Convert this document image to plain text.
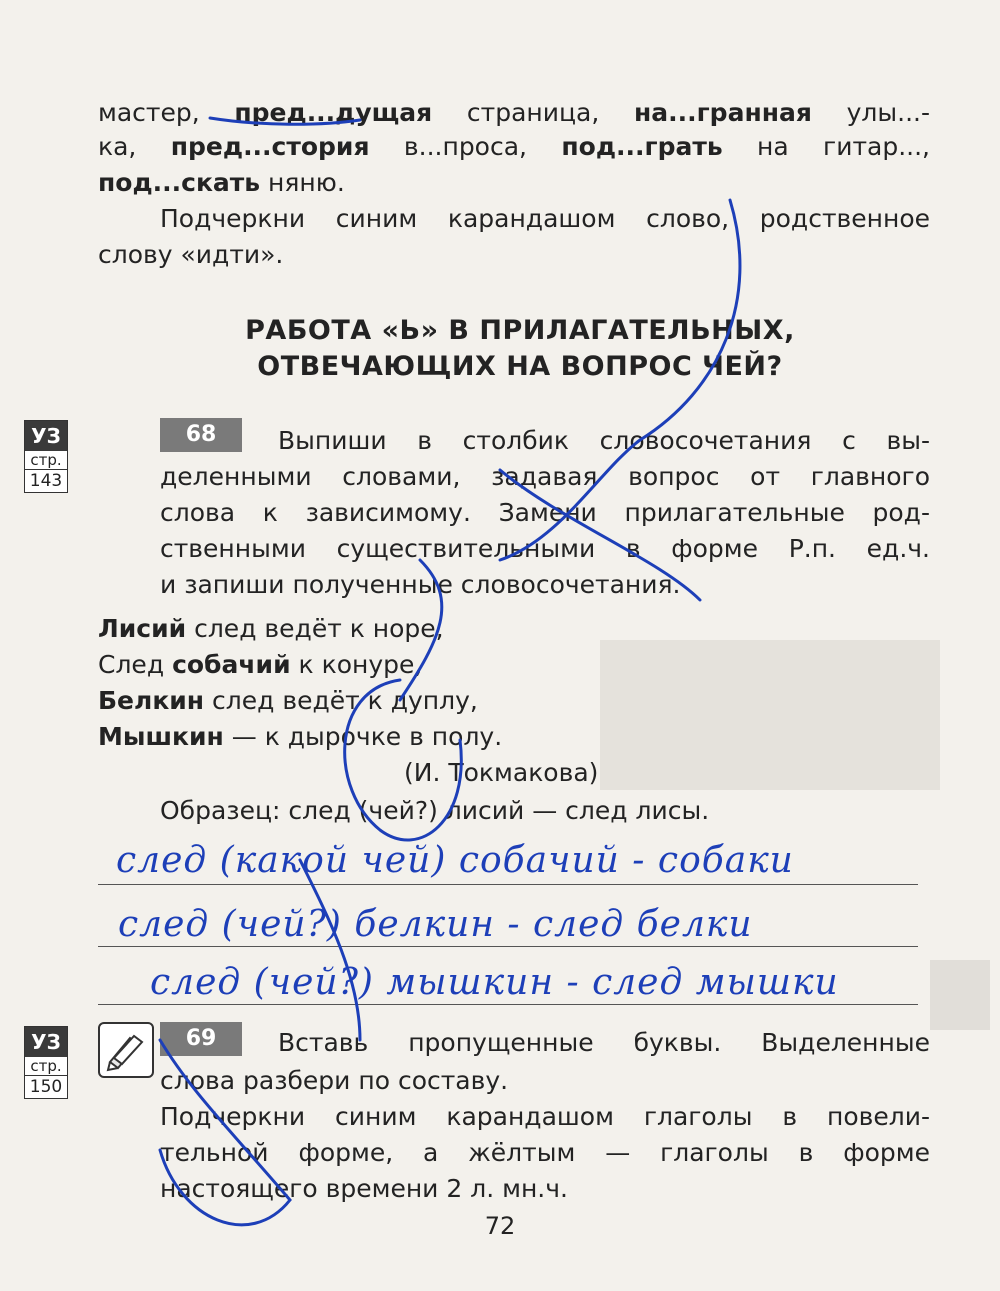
мастер, пред...дущая страница, на...гранная улы...-
ка, пред...стория в...проса, под...грать на гитар...,
под...скать няню.
Подчеркни синим карандашом слово, родственное
слову «идти».
РАБОТА «Ь» В ПРИЛАГАТЕЛЬНЫХ,
ОТВЕЧАЮЩИХ НА ВОПРОС ЧЕЙ?
УЗ
стр.
143
68	Выпиши в столбик словосочетания с вы-
деленными словами, задавая вопрос от главного
слова к зависимому. Замени прилагательные род-
ственными существительными в форме Р.п. ед.ч.
и запиши полученные словосочетания.
Лисий след ведёт к норе,
След собачий к конуре,
Белкин след ведёт к дуплу,
Мышкин — к дырочке в полу.
(И. Токмакова)
Образец: след (чей?) лисий — след лисы.
след (какой чей) собачий - собаки
след (чей?) белкин - след белки
след (чей?) мышкин - след мышки
УЗ
стр.
150
69	Вставь пропущенные буквы. Выделенные
слова разбери по составу.
Подчеркни синим карандашом глаголы в повели-
тельной форме, а жёлтым — глаголы в форме
настоящего времени 2 л. мн.ч.
72
